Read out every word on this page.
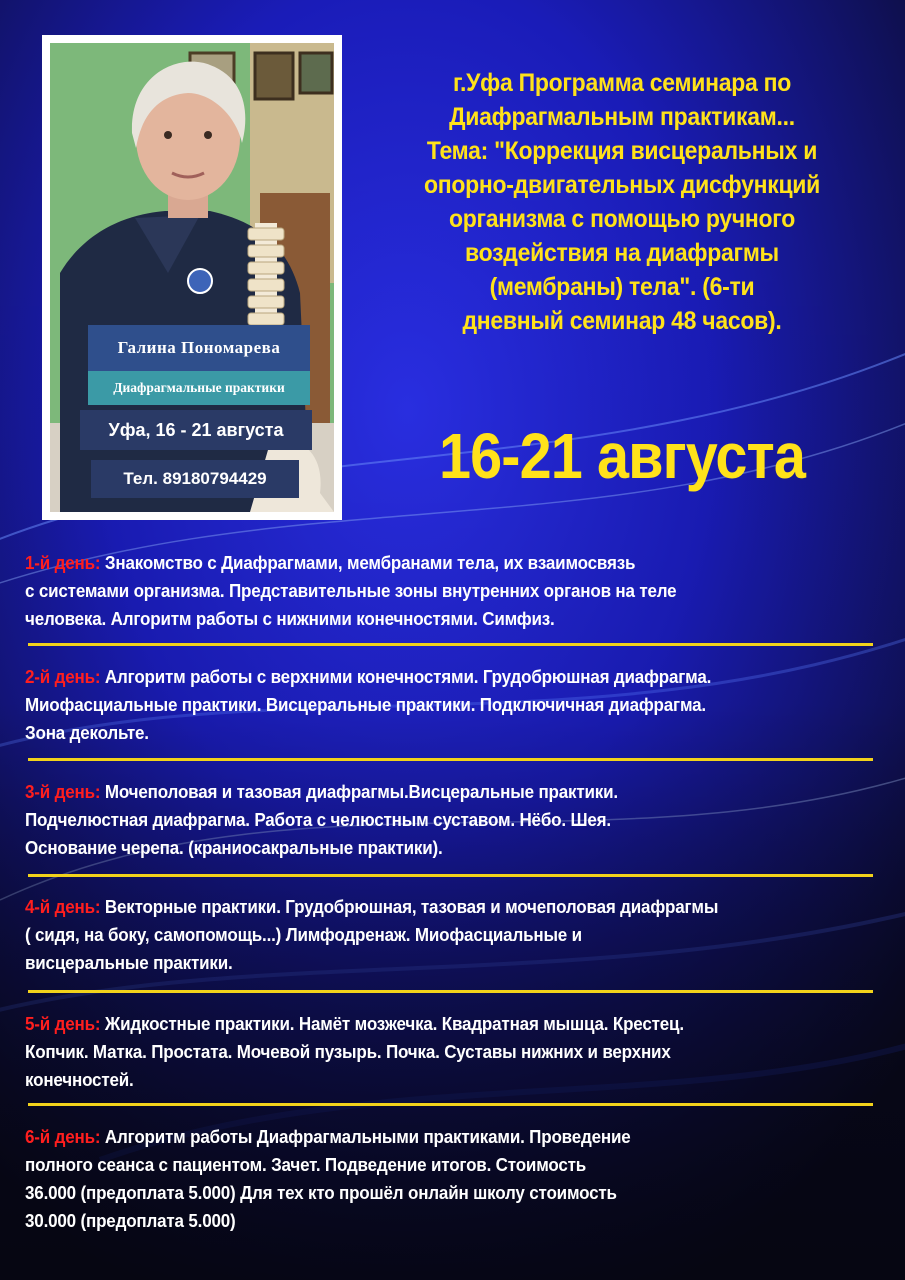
Галина Пономарева
Диафрагмальные практики
Уфа, 16 - 21 августа
Тел. 89180794429
г.Уфа Программа семинара по
Диафрагмальным практикам...
Тема: "Коррекция висцеральных и
опорно-двигательных дисфункций
организма с помощью ручного
воздействия на диафрагмы
(мембраны) тела". (6-ти
дневный семинар 48 часов).
16-21 августа
1-й день: Знакомство с Диафрагмами, мембранами тела, их взаимосвязь
с системами организма. Представительные зоны внутренних органов на теле
человека. Алгоритм работы с нижними конечностями. Симфиз.
2-й день: Алгоритм работы с верхними конечностями. Грудобрюшная диафрагма.
Миофасциальные практики. Висцеральные практики. Подключичная диафрагма.
Зона декольте.
3-й день: Мочеполовая и тазовая диафрагмы.Висцеральные практики.
Подчелюстная диафрагма. Работа с челюстным суставом. Нёбо. Шея.
Основание черепа. (краниосакральные практики).
4-й день: Векторные практики. Грудобрюшная, тазовая и мочеполовая диафрагмы
( сидя, на боку, самопомощь...) Лимфодренаж. Миофасциальные и
висцеральные практики.
5-й день: Жидкостные практики. Намёт мозжечка. Квадратная мышца. Крестец.
Копчик. Матка. Простата. Мочевой пузырь. Почка. Суставы нижних и верхних
конечностей.
6-й день: Алгоритм работы Диафрагмальными практиками. Проведение
полного сеанса с пациентом. Зачет. Подведение итогов. Стоимость
36.000 (предоплата 5.000) Для тех кто прошёл онлайн школу стоимость
30.000 (предоплата 5.000)
